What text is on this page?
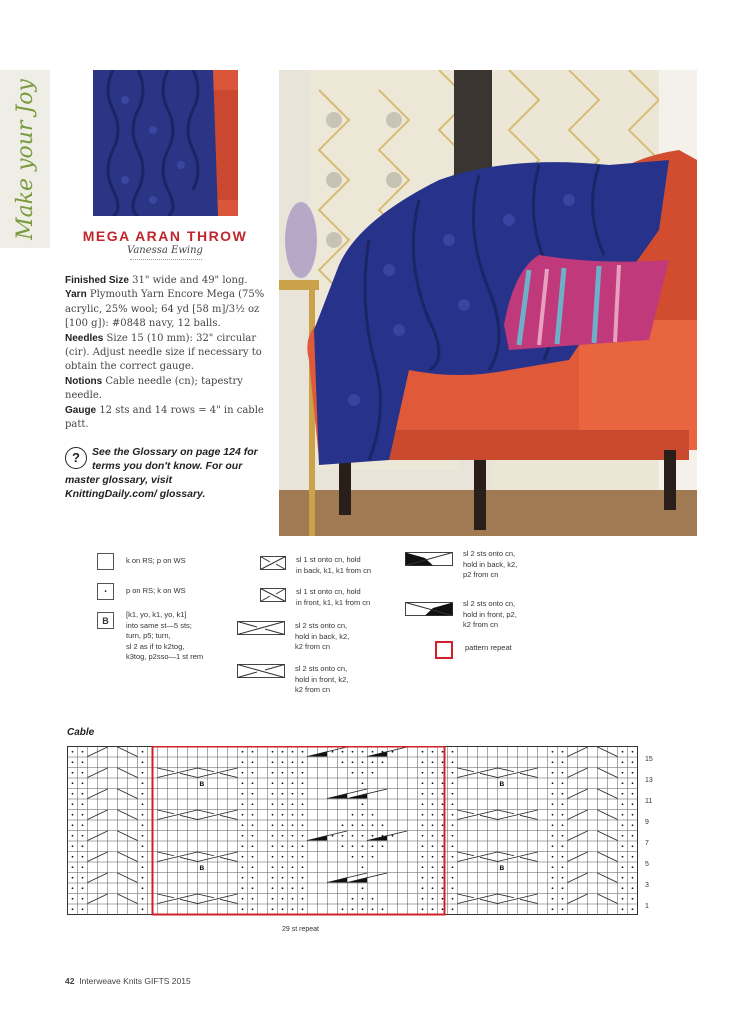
Make your Joy	MEGA ARAN THROW
Vanessa Ewing

Finished Size 31" wide and 49" long.

Yarn Plymouth Yarn Encore Mega (75% acrylic, 25% wool; 64 yd [58 m]/3½ oz [100 g]): #0848 navy, 12 balls.

Needles Size 15 (10 mm): 32" circular (cir). Adjust needle size if necessary to obtain the correct gauge.

Notions Cable needle (cn); tapestry needle.

Gauge 12 sts and 14 rows = 4" in cable patt.

?	See the Glossary on page 124 for terms you don't know. For our master glossary, visit KnittingDaily.com/ glossary.
k on RS; p on WS
•	p on RS; k on WS
B
[k1, yo, k1, yo, k1]
into same st—5 sts;
turn, p5; turn,
sl 2 as if to k2tog,
k3tog, p2sso—1 st rem
sl 1 st onto cn, hold
in back, k1, k1 from cn
sl 1 st onto cn, hold
in front, k1, k1 from cn
sl 2 sts onto cn,
hold in back, k2,
k2 from cn
sl 2 sts onto cn,
hold in front, k2,
k2 from cn
sl 2 sts onto cn,
hold in back, k2,
p2 from cn
sl 2 sts onto cn,
hold in front, p2,
k2 from cn
pattern repeat
Cable
B
B
B
B
15
13
11
9
7
5
3
1
29 st repeat
42 Interweave Knits GIFTS 2015
